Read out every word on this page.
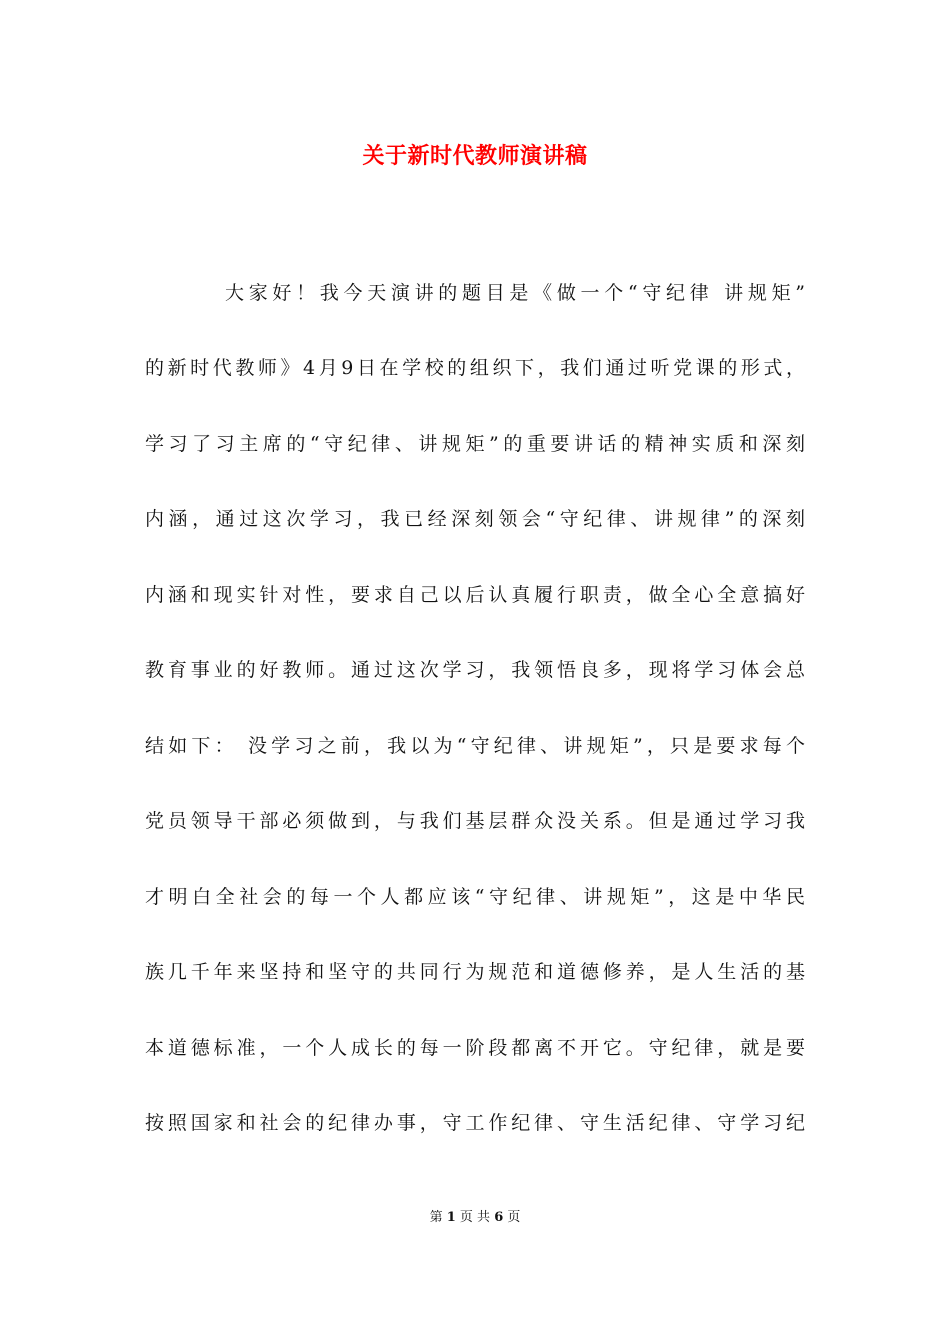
关于新时代教师演讲稿
大家好！我今天演讲的题目是《做一个“守纪律 讲规矩”
的新时代教师》4月9日在学校的组织下，我们通过听党课的形式，
学习了习主席的“守纪律、讲规矩”的重要讲话的精神实质和深刻
内涵，通过这次学习，我已经深刻领会“守纪律、讲规律”的深刻
内涵和现实针对性，要求自己以后认真履行职责，做全心全意搞好
教育事业的好教师。通过这次学习，我领悟良多，现将学习体会总
结如下： 没学习之前，我以为“守纪律、讲规矩”，只是要求每个
党员领导干部必须做到，与我们基层群众没关系。但是通过学习我
才明白全社会的每一个人都应该“守纪律、讲规矩”，这是中华民
族几千年来坚持和坚守的共同行为规范和道德修养，是人生活的基
本道德标准，一个人成长的每一阶段都离不开它。守纪律，就是要
按照国家和社会的纪律办事，守工作纪律、守生活纪律、守学习纪
第 1 页 共 6 页
